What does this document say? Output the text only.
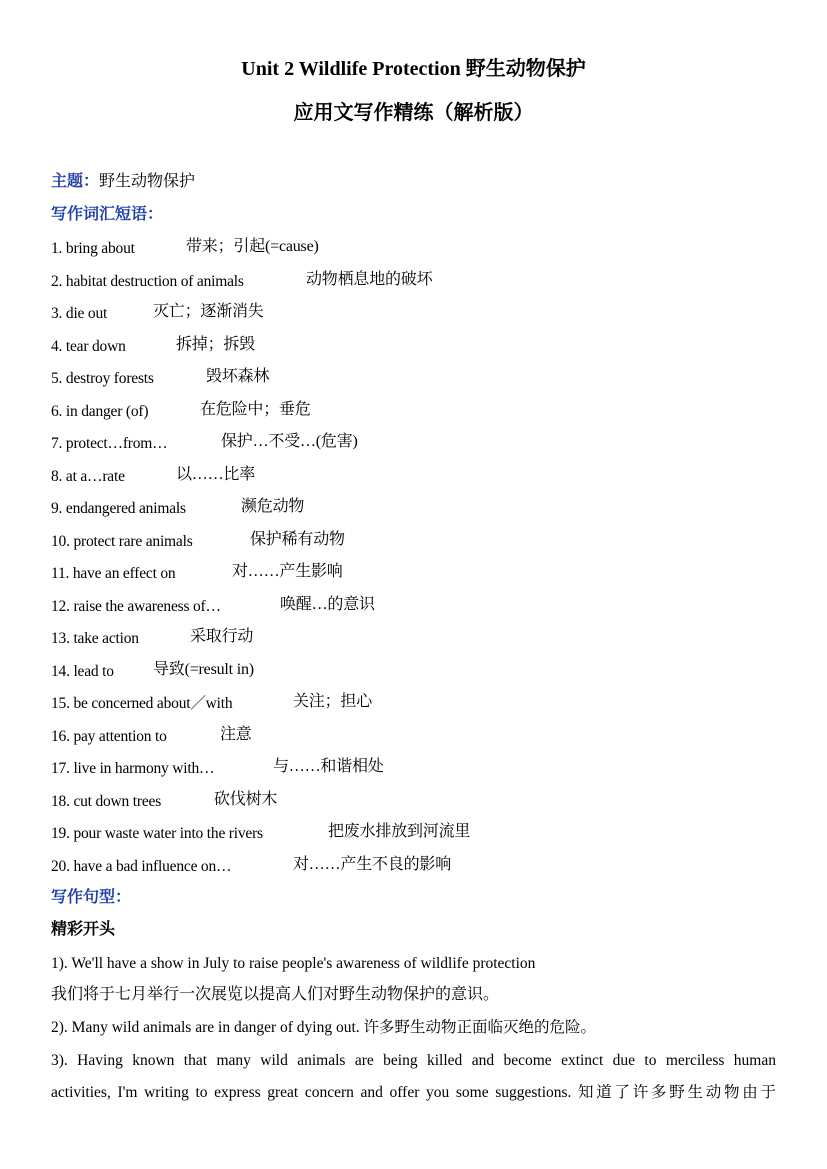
Unit 2 Wildlife Protection 野生动物保护
应用文写作精练（解析版）
主题：野生动物保护
写作词汇短语：
1. bring about	带来；引起(=cause)
2. habitat destruction of animals	动物栖息地的破坏
3. die out	灭亡；逐渐消失
4. tear down	拆掉；拆毁
5. destroy forests	毁坏森林
6. in danger (of)	在危险中；垂危
7. protect…from…	保护…不受…(危害)
8. at a…rate	以……比率
9. endangered animals	濒危动物
10. protect rare animals	保护稀有动物
11. have an effect on	对……产生影响
12. raise the awareness of…	唤醒…的意识
13. take action	采取行动
14. lead to 导致(=result in)
15. be concerned about／with	关注；担心
16. pay attention to	注意
17. live in harmony with…	与……和谐相处
18. cut down trees	砍伐树木
19. pour waste water into the rivers	把废水排放到河流里
20. have a bad influence on…	对……产生不良的影响
写作句型：
精彩开头
1). We'll have a show in July to raise people's awareness of wildlife protection
我们将于七月举行一次展览以提高人们对野生动物保护的意识。
2). Many wild animals are in danger of dying out. 许多野生动物正面临灭绝的危险。
3). Having known that many wild animals are being killed and become extinct due to merciless human
activities, I'm writing to express great concern and offer you some suggestions. 知道了许多野生动物由于
